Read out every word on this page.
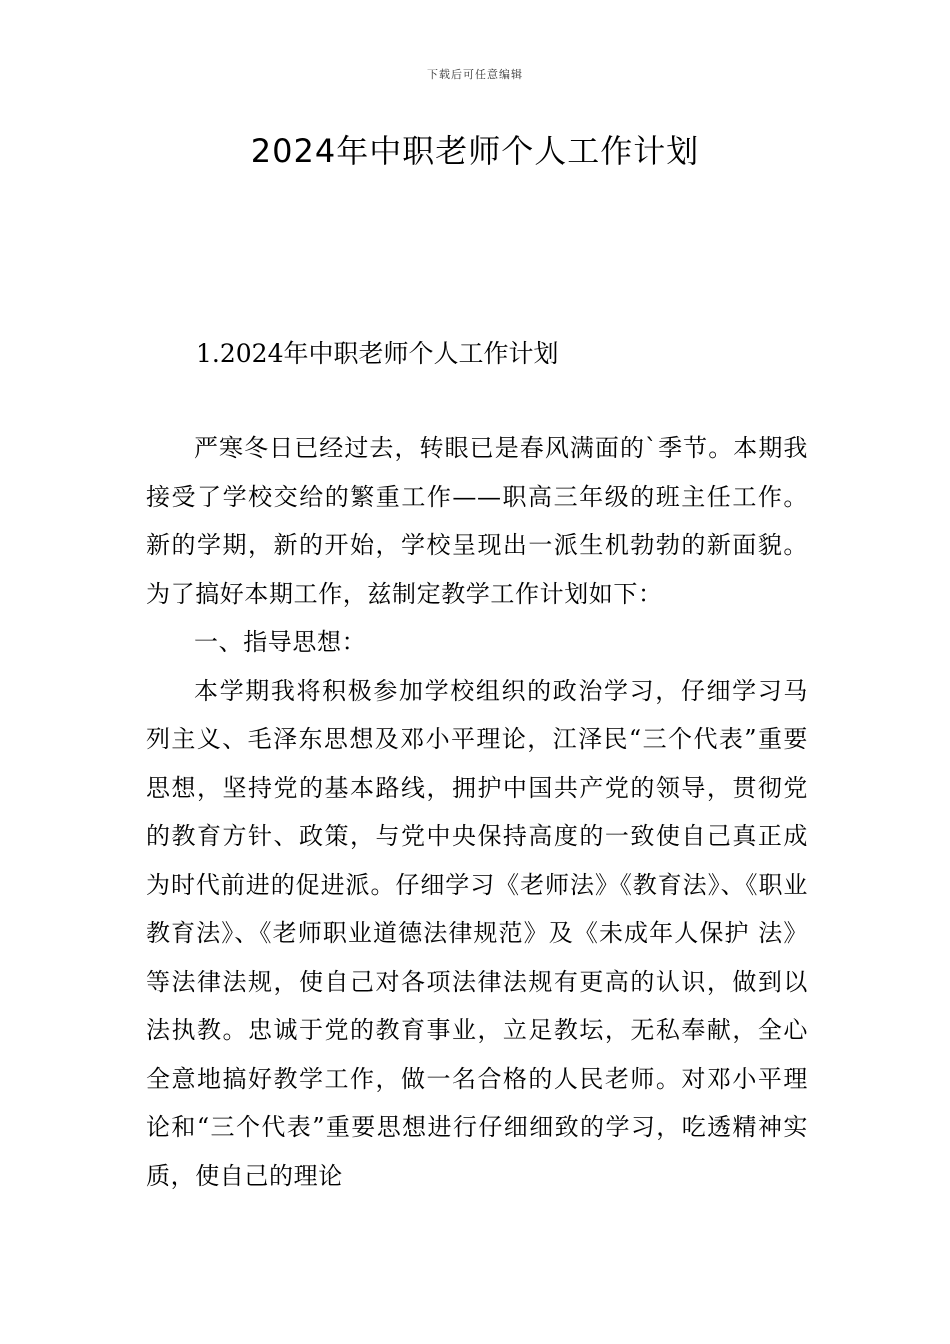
下载后可任意编辑
2024年中职老师个人工作计划
1.2024年中职老师个人工作计划

严寒冬日已经过去，转眼已是春风满面的`季节。本期我接受了学校交给的繁重工作——职高三年级的班主任工作。新的学期，新的开始，学校呈现出一派生机勃勃的新面貌。为了搞好本期工作，兹制定教学工作计划如下：

一、指导思想：

本学期我将积极参加学校组织的政治学习，仔细学习马列主义、毛泽东思想及邓小平理论，江泽民“三个代表”重要思想，坚持党的基本路线，拥护中国共产党的领导，贯彻党的教育方针、政策，与党中央保持高度的一致使自己真正成为时代前进的促进派。仔细学习《老师法》《教育法》、《职业教育法》、《老师职业道德法律规范》及《未成年人保护 法》等法律法规，使自己对各项法律法规有更高的认识，做到以法执教。忠诚于党的教育事业，立足教坛，无私奉献，全心全意地搞好教学工作，做一名合格的人民老师。对邓小平理论和“三个代表”重要思想进行仔细细致的学习，吃透精神实质，使自己的理论
